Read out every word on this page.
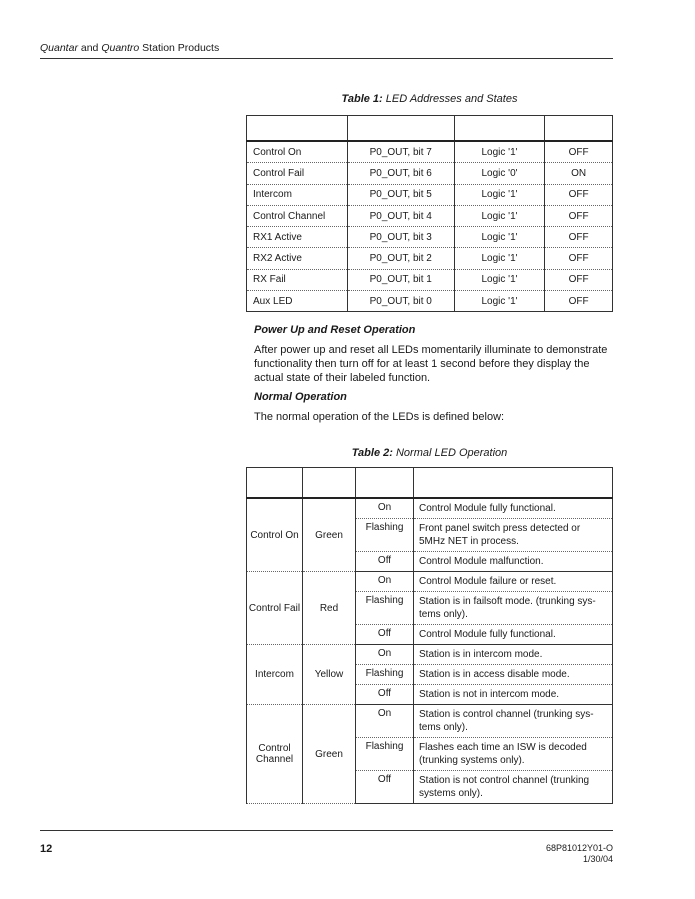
Quantar and Quantro Station Products
Table 1: LED Addresses and States

Control On	P0_OUT, bit 7	Logic '1'	OFF
Control Fail	P0_OUT, bit 6	Logic '0'	ON
Intercom	P0_OUT, bit 5	Logic '1'	OFF
Control Channel	P0_OUT, bit 4	Logic '1'	OFF
RX1 Active	P0_OUT, bit 3	Logic '1'	OFF
RX2 Active	P0_OUT, bit 2	Logic '1'	OFF
RX Fail	P0_OUT, bit 1	Logic '1'	OFF
Aux LED	P0_OUT, bit 0	Logic '1'	OFF
Power Up and Reset Operation
After power up and reset all LEDs momentarily illuminate to demonstrate functionality then turn off for at least 1 second before they display the actual state of their labeled function.
Normal Operation
The normal operation of the LEDs is defined below:
Table 2: Normal LED Operation

Control On	Green	On	Control Module fully functional.
		Flashing	Front panel switch press detected or 5MHz NET in process.
		Off	Control Module malfunction.
Control Fail	Red	On	Control Module failure or reset.
		Flashing	Station is in failsoft mode. (trunking sys-tems only).
		Off	Control Module fully functional.
Intercom	Yellow	On	Station is in intercom mode.
		Flashing	Station is in access disable mode.
		Off	Station is not in intercom mode.
Control Channel	Green	On	Station is control channel (trunking sys-tems only).
		Flashing	Flashes each time an ISW is decoded (trunking systems only).
		Off	Station is not control channel (trunking systems only).
12	68P81012Y01-O
1/30/04
